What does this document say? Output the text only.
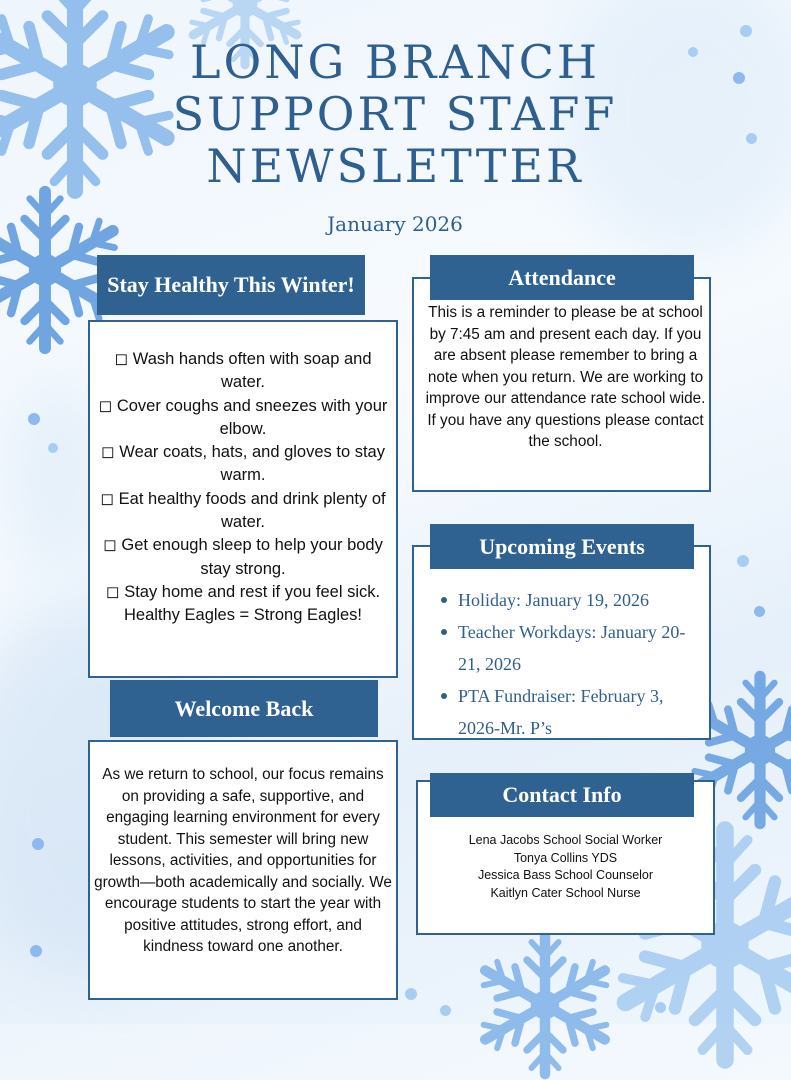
LONG BRANCH SUPPORT STAFF NEWSLETTER
January 2026
Stay Healthy This Winter!
◻ Wash hands often with soap and water.
◻ Cover coughs and sneezes with your elbow.
◻ Wear coats, hats, and gloves to stay warm.
◻ Eat healthy foods and drink plenty of water.
◻ Get enough sleep to help your body stay strong.
◻ Stay home and rest if you feel sick.
Healthy Eagles = Strong Eagles!
Welcome Back
As we return to school, our focus remains on providing a safe, supportive, and engaging learning environment for every student. This semester will bring new lessons, activities, and opportunities for growth—both academically and socially. We encourage students to start the year with positive attitudes, strong effort, and kindness toward one another.
Attendance
This is a reminder to please be at school by 7:45 am and present each day. If you are absent please remember to bring a note when you return. We are working to improve our attendance rate school wide. If you have any questions please contact the school.
Upcoming Events
Holiday: January 19, 2026
Teacher Workdays: January 20-21, 2026
PTA Fundraiser: February 3, 2026-Mr. P’s
Contact Info
Lena Jacobs School Social Worker
Tonya Collins YDS
Jessica Bass School Counselor
Kaitlyn Cater School Nurse
